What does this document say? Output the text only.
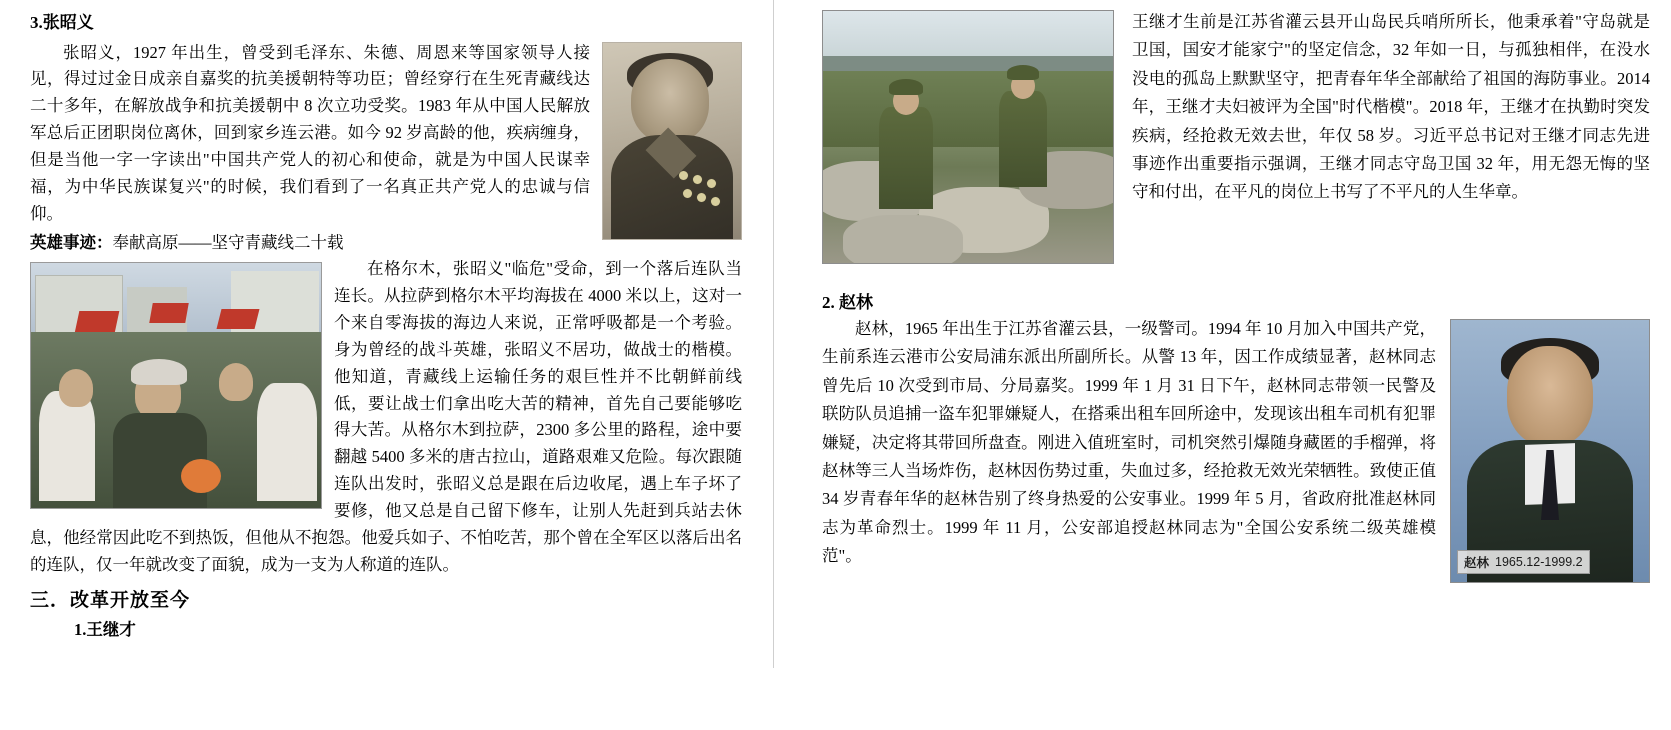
3.张昭义

张昭义，1927 年出生，曾受到毛泽东、朱德、周恩来等国家领导人接见，得过过金日成亲自嘉奖的抗美援朝特等功臣；曾经穿行在生死青藏线达二十多年，在解放战争和抗美援朝中 8 次立功受奖。1983 年从中国人民解放军总后正团职岗位离休，回到家乡连云港。如今 92 岁高龄的他，疾病缠身，但是当他一字一字读出"中国共产党人的初心和使命，就是为中国人民谋幸福，为中华民族谋复兴"的时候，我们看到了一名真正共产党人的忠诚与信仰。

英雄事迹：奉献高原——坚守青藏线二十载

在格尔木，张昭义"临危"受命，到一个落后连队当连长。从拉萨到格尔木平均海拔在 4000 米以上，这对一个来自零海拔的海边人来说，正常呼吸都是一个考验。身为曾经的战斗英雄，张昭义不居功，做战士的楷模。他知道，青藏线上运输任务的艰巨性并不比朝鲜前线低，要让战士们拿出吃大苦的精神，首先自己要能够吃得大苦。从格尔木到拉萨，2300 多公里的路程，途中要翻越 5400 多米的唐古拉山，道路艰难又危险。每次跟随连队出发时，张昭义总是跟在后边收尾，遇上车子坏了要修，他又总是自己留下修车，让别人先赶到兵站去休息，他经常因此吃不到热饭，但他从不抱怨。他爱兵如子、不怕吃苦，那个曾在全军区以落后出名的连队，仅一年就改变了面貌，成为一支为人称道的连队。

三．改革开放至今
1.王继才

王继才生前是江苏省灌云县开山岛民兵哨所所长，他秉承着"守岛就是卫国，国安才能家宁"的坚定信念，32 年如一日，与孤独相伴，在没水没电的孤岛上默默坚守，把青春年华全部献给了祖国的海防事业。2014 年，王继才夫妇被评为全国"时代楷模"。2018 年，王继才在执勤时突发疾病，经抢救无效去世，年仅 58 岁。习近平总书记对王继才同志先进事迹作出重要指示强调，王继才同志守岛卫国 32 年，用无怨无悔的坚守和付出，在平凡的岗位上书写了不平凡的人生华章。

2. 赵林
赵林 1965.12-1999.2

赵林，1965 年出生于江苏省灌云县，一级警司。1994 年 10 月加入中国共产党，生前系连云港市公安局浦东派出所副所长。从警 13 年，因工作成绩显著，赵林同志曾先后 10 次受到市局、分局嘉奖。1999 年 1 月 31 日下午，赵林同志带领一民警及联防队员追捕一盗车犯罪嫌疑人，在搭乘出租车回所途中，发现该出租车司机有犯罪嫌疑，决定将其带回所盘查。刚进入值班室时，司机突然引爆随身藏匿的手榴弹，将赵林等三人当场炸伤，赵林因伤势过重，失血过多，经抢救无效光荣牺牲。致使正值 34 岁青春年华的赵林告别了终身热爱的公安事业。1999 年 5 月，省政府批准赵林同志为革命烈士。1999 年 11 月，公安部追授赵林同志为"全国公安系统二级英雄模范"。
